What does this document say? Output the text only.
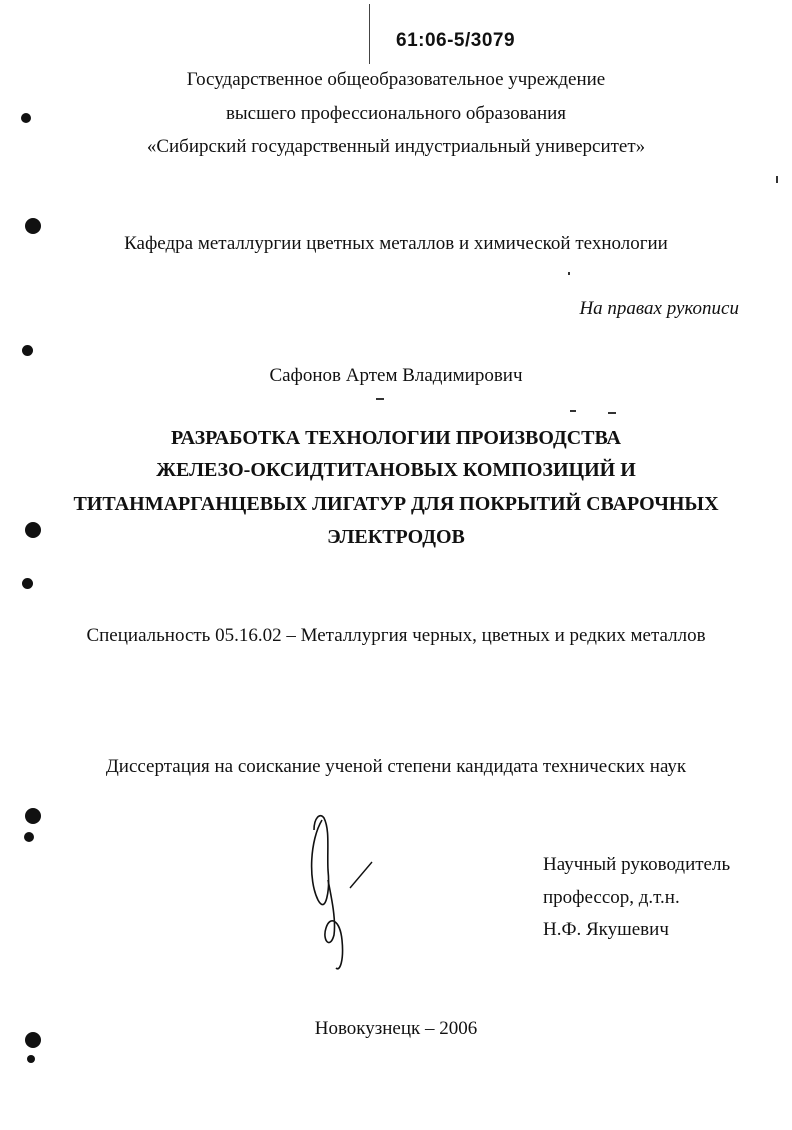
61:06-5/3079
Государственное общеобразовательное учреждение
высшего профессионального образования
«Сибирский государственный индустриальный университет»
Кафедра металлургии цветных металлов и химической технологии
На правах рукописи
Сафонов Артем Владимирович
РАЗРАБОТКА ТЕХНОЛОГИИ ПРОИЗВОДСТВА
ЖЕЛЕЗО-ОКСИДТИТАНОВЫХ КОМПОЗИЦИЙ И
ТИТАНМАРГАНЦЕВЫХ ЛИГАТУР ДЛЯ ПОКРЫТИЙ СВАРОЧНЫХ
ЭЛЕКТРОДОВ
Специальность 05.16.02 – Металлургия черных, цветных и редких металлов
Диссертация на соискание ученой степени кандидата технических наук
Научный руководитель
профессор, д.т.н.
Н.Ф. Якушевич
Новокузнецк – 2006
